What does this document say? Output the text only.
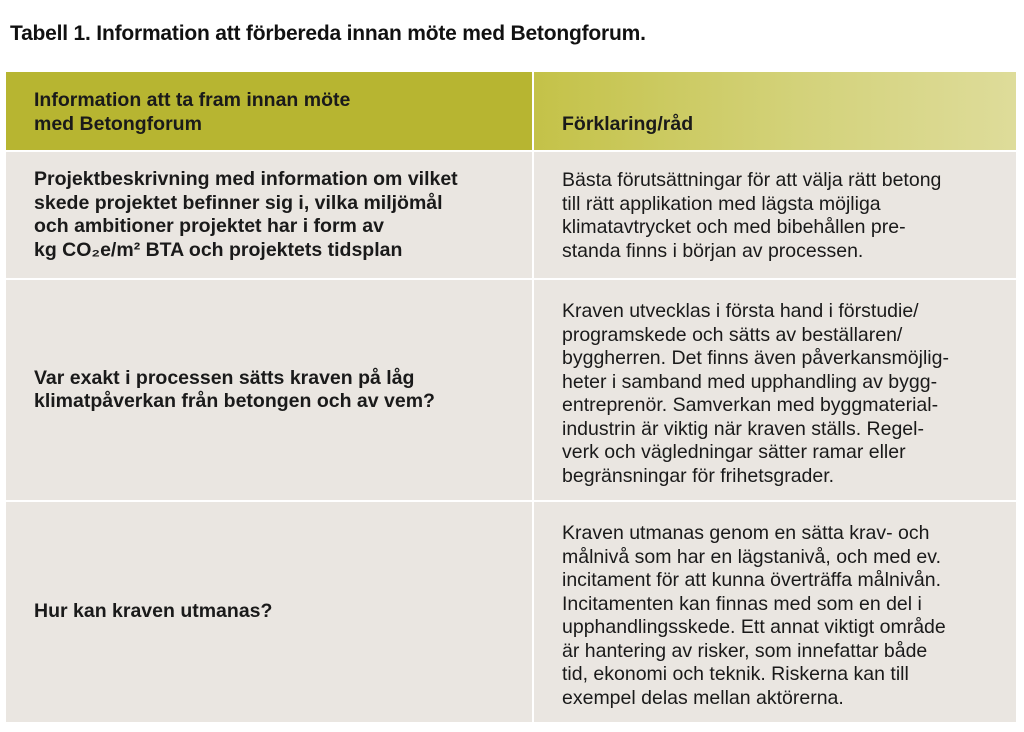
Tabell 1. Information att förbereda innan möte med Betongforum.
Information att ta fram innan möte
med Betongforum	Förklaring/råd
Projektbeskrivning med information om vilket
skede projektet befinner sig i, vilka miljömål
och ambitioner projektet har i form av
kg CO₂e/m² BTA och projektets tidsplan
Bästa förutsättningar för att välja rätt betong
till rätt applikation med lägsta möjliga
klimatavtrycket och med bibehållen pre-
standa finns i början av processen.
Var exakt i processen sätts kraven på låg
klimatpåverkan från betongen och av vem?
Kraven utvecklas i första hand i förstudie/
programskede och sätts av beställaren/
byggherren. Det finns även påverkansmöjlig-
heter i samband med upphandling av bygg-
entreprenör. Samverkan med byggmaterial-
industrin är viktig när kraven ställs. Regel-
verk och vägledningar sätter ramar eller
begränsningar för frihetsgrader.
Hur kan kraven utmanas?
Kraven utmanas genom en sätta krav- och
målnivå som har en lägstanivå, och med ev.
incitament för att kunna överträffa målnivån.
Incitamenten kan finnas med som en del i
upphandlingsskede. Ett annat viktigt område
är hantering av risker, som innefattar både
tid, ekonomi och teknik. Riskerna kan till
exempel delas mellan aktörerna.
